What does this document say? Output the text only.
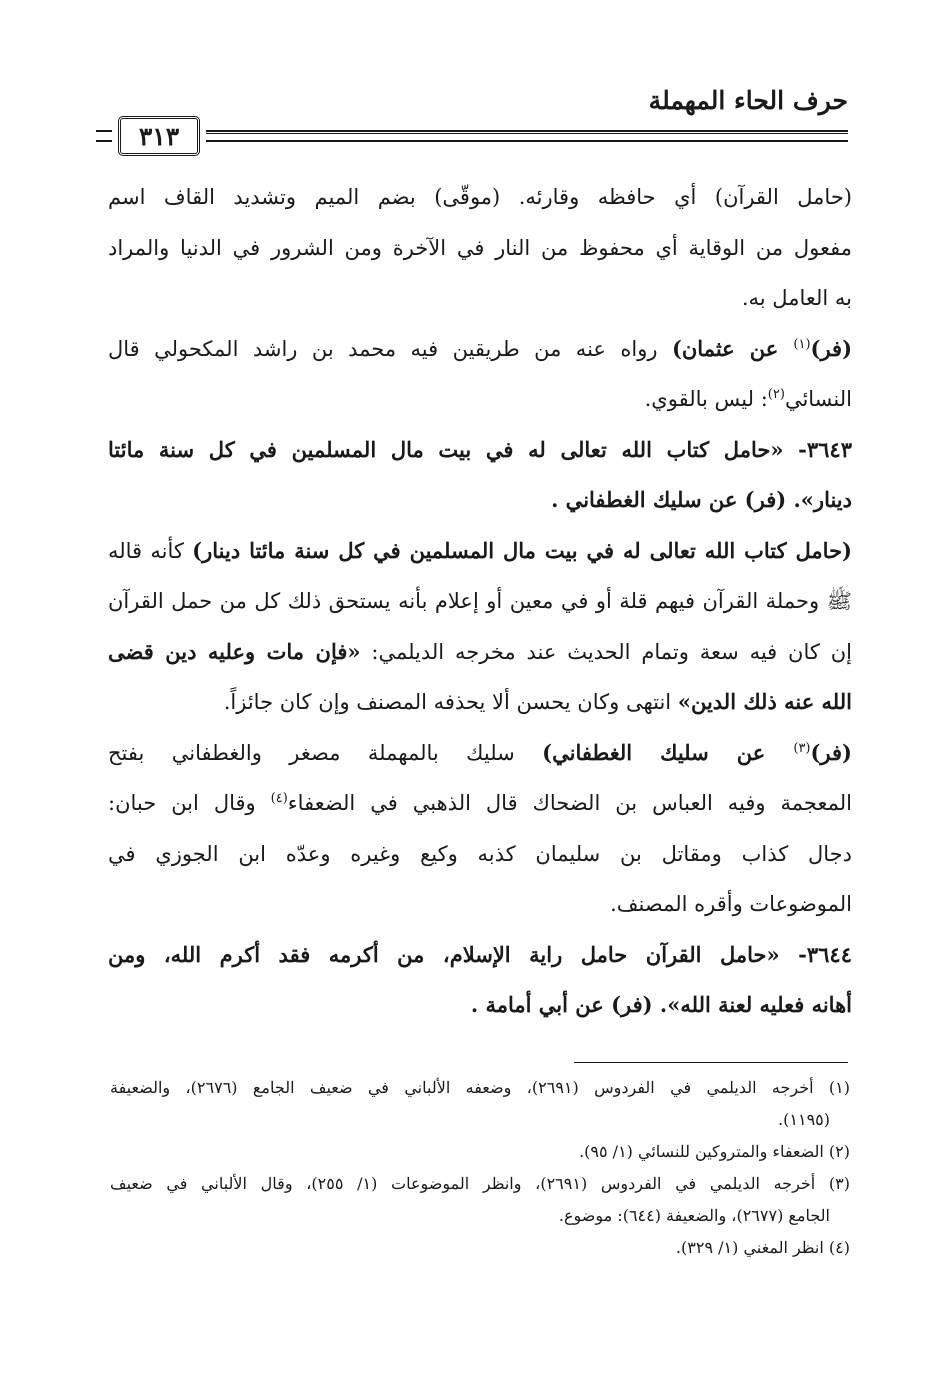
حرف الحاء المهملة
٣١٣

(حامل القرآن) أي حافظه وقارئه. (موقّى) بضم الميم وتشديد القاف اسم
مفعول من الوقاية أي محفوظ من النار في الآخرة ومن الشرور في الدنيا والمراد
به العامل به.

(فر)$^{(١)}$ عن عثمان) رواه عنه من طريقين فيه محمد بن راشد المكحولي قال
النسائي$^{(٢)}$: ليس بالقوي.

٣٦٤٣- «حامل كتاب الله تعالى له في بيت مال المسلمين في كل سنة مائتا
دينار». (فر) عن سليك الغطفاني .

(حامل كتاب الله تعالى له في بيت مال المسلمين في كل سنة مائتا دينار) كأنه قاله
ﷺ وحملة القرآن فيهم قلة أو في معين أو إعلام بأنه يستحق ذلك كل من حمل القرآن
إن كان فيه سعة وتمام الحديث عند مخرجه الديلمي: «فإن مات وعليه دين قضى
الله عنه ذلك الدين» انتهى وكان يحسن ألا يحذفه المصنف وإن كان جائزاً.

(فر)$^{(٣)}$ عن سليك الغطفاني) سليك بالمهملة مصغر والغطفاني بفتح
المعجمة وفيه العباس بن الضحاك قال الذهبي في الضعفاء$^{(٤)}$ وقال ابن حبان:
دجال كذاب ومقاتل بن سليمان كذبه وكيع وغيره وعدّه ابن الجوزي في
الموضوعات وأقره المصنف.

٣٦٤٤- «حامل القرآن حامل راية الإسلام، من أكرمه فقد أكرم الله، ومن
أهانه فعليه لعنة الله». (فر) عن أبي أمامة .

(١) أخرجه الديلمي في الفردوس (٢٦٩١)، وضعفه الألباني في ضعيف الجامع (٢٦٧٦)، والضعيفة
(١١٩٥).
(٢) الضعفاء والمتروكين للنسائي (١/ ٩٥).
(٣) أخرجه الديلمي في الفردوس (٢٦٩١)، وانظر الموضوعات (١/ ٢٥٥)، وقال الألباني في ضعيف
الجامع (٢٦٧٧)، والضعيفة (٦٤٤): موضوع.
(٤) انظر المغني (١/ ٣٢٩).
